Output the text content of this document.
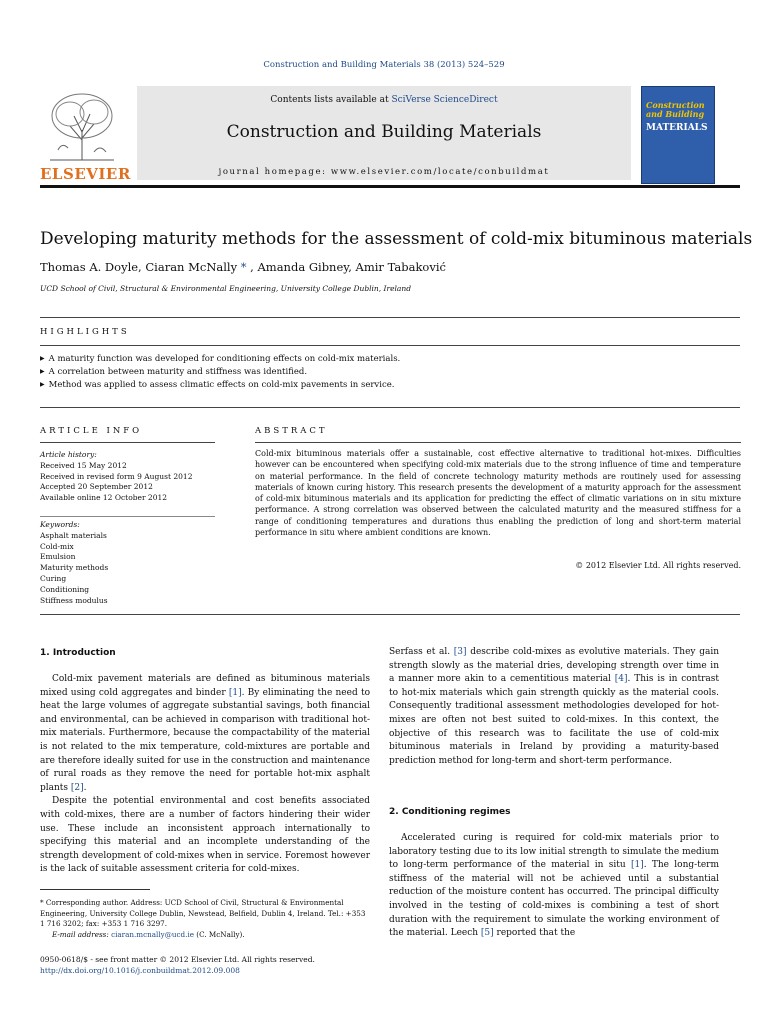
Construction and Building Materials 38 (2013) 524–529
ELSEVIER
Contents lists available at SciVerse ScienceDirect
Construction and Building Materials
journal homepage: www.elsevier.com/locate/conbuildmat
Construction and Building
MATERIALS
Developing maturity methods for the assessment of cold-mix bituminous materials
Thomas A. Doyle, Ciaran McNally * , Amanda Gibney, Amir Tabaković
UCD School of Civil, Structural & Environmental Engineering, University College Dublin, Ireland
HIGHLIGHTS
▶ A maturity function was developed for conditioning effects on cold-mix materials.
▶ A correlation between maturity and stiffness was identified.
▶ Method was applied to assess climatic effects on cold-mix pavements in service.
ARTICLE INFO	ABSTRACT
Article history:
Received 15 May 2012
Received in revised form 9 August 2012
Accepted 20 September 2012
Available online 12 October 2012
Keywords:
Asphalt materials
Cold-mix
Emulsion
Maturity methods
Curing
Conditioning
Stiffness modulus
Cold-mix bituminous materials offer a sustainable, cost effective alternative to traditional hot-mixes. Difficulties however can be encountered when specifying cold-mix materials due to the strong influence of time and temperature on material performance. In the field of concrete technology maturity methods are routinely used for assessing materials of known curing history. This research presents the development of a maturity approach for the assessment of cold-mix bituminous materials and its application for predicting the effect of climatic variations on in situ mixture performance. A strong correlation was observed between the calculated maturity and the measured stiffness for a range of conditioning temperatures and durations thus enabling the prediction of long and short-term material performance in situ where ambient conditions are known.
© 2012 Elsevier Ltd. All rights reserved.
1. Introduction

Cold-mix pavement materials are defined as bituminous materials mixed using cold aggregates and binder [1]. By eliminating the need to heat the large volumes of aggregate substantial savings, both financial and environmental, can be achieved in comparison with traditional hot-mix materials. Furthermore, because the compactability of the material is not related to the mix temperature, cold-mixtures are portable and are therefore ideally suited for use in the construction and maintenance of rural roads as they remove the need for portable hot-mix asphalt plants [2].

Despite the potential environmental and cost benefits associated with cold-mixes, there are a number of factors hindering their wider use. These include an inconsistent approach internationally to specifying this material and an incomplete understanding of the strength development of cold-mixes when in service. Foremost however is the lack of suitable assessment criteria for cold-mixes.

Serfass et al. [3] describe cold-mixes as evolutive materials. They gain strength slowly as the material dries, developing strength over time in a manner more akin to a cementitious material [4]. This is in contrast to hot-mix materials which gain strength quickly as the material cools. Consequently traditional assessment methodologies developed for hot-mixes are often not best suited to cold-mixes. In this context, the objective of this research was to facilitate the use of cold-mix bituminous materials in Ireland by providing a maturity-based prediction method for long-term and short-term performance.

2. Conditioning regimes

Accelerated curing is required for cold-mix materials prior to laboratory testing due to its low initial strength to simulate the medium to long-term performance of the material in situ [1]. The long-term stiffness of the material will not be achieved until a substantial reduction of the moisture content has occurred. The principal difficulty involved in the testing of cold-mixes is combining a test of short duration with the requirement to simulate the working environment of the material. Leech [5] reported that the

* Corresponding author. Address: UCD School of Civil, Structural & Environmental Engineering, University College Dublin, Newstead, Belfield, Dublin 4, Ireland. Tel.: +353 1 716 3202; fax: +353 1 716 3297.
E-mail address: ciaran.mcnally@ucd.ie (C. McNally).
0950-0618/$ - see front matter © 2012 Elsevier Ltd. All rights reserved.
http://dx.doi.org/10.1016/j.conbuildmat.2012.09.008
